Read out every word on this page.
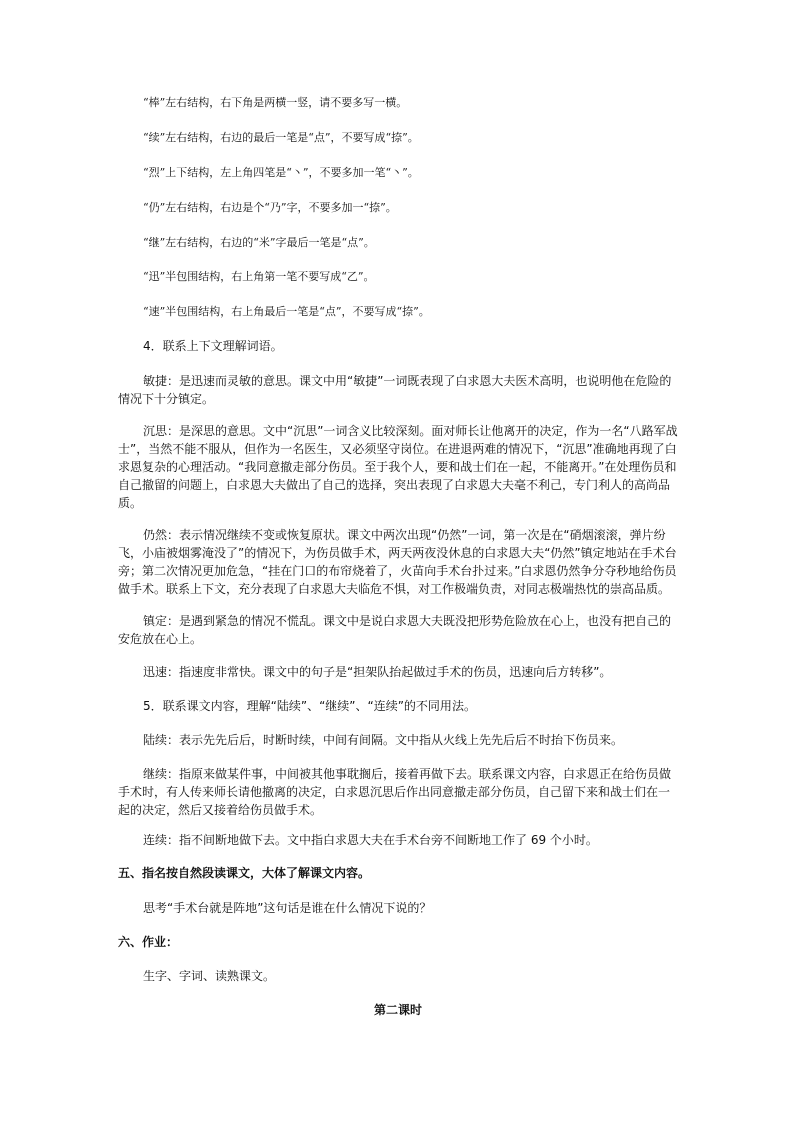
“棒”左右结构，右下角是两横一竖，请不要多写一横。
“续”左右结构，右边的最后一笔是“点”，不要写成“捺”。
“烈”上下结构，左上角四笔是“丶”，不要多加一笔“丶”。
“仍”左右结构，右边是个“乃”字，不要多加一“捺”。
“继”左右结构，右边的“米”字最后一笔是“点”。
“迅”半包围结构，右上角第一笔不要写成“乙”。
“速”半包围结构，右上角最后一笔是“点”，不要写成“捺”。
4．联系上下文理解词语。
敏捷：是迅速而灵敏的意思。课文中用“敏捷”一词既表现了白求恩大夫医术高明，也说明他在危险的情况下十分镇定。
沉思：是深思的意思。文中“沉思”一词含义比较深刻。面对师长让他离开的决定，作为一名“八路军战士”，当然不能不服从，但作为一名医生，又必须坚守岗位。在进退两难的情况下，“沉思”准确地再现了白求恩复杂的心理活动。“我同意撤走部分伤员。至于我个人，要和战士们在一起，不能离开。”在处理伤员和自己撤留的问题上，白求恩大夫做出了自己的选择，突出表现了白求恩大夫毫不利己，专门利人的高尚品质。
仍然：表示情况继续不变或恢复原状。课文中两次出现“仍然”一词，第一次是在“硝烟滚滚，弹片纷飞，小庙被烟雾淹没了”的情况下，为伤员做手术，两天两夜没休息的白求恩大夫“仍然”镇定地站在手术台旁；第二次情况更加危急，“挂在门口的布帘烧着了，火苗向手术台扑过来。”白求恩仍然争分夺秒地给伤员做手术。联系上下文，充分表现了白求恩大夫临危不惧，对工作极端负责，对同志极端热忱的崇高品质。
镇定：是遇到紧急的情况不慌乱。课文中是说白求恩大夫既没把形势危险放在心上，也没有把自己的安危放在心上。
迅速：指速度非常快。课文中的句子是“担架队抬起做过手术的伤员，迅速向后方转移”。
5．联系课文内容，理解“陆续”、“继续”、“连续”的不同用法。
陆续：表示先先后后，时断时续，中间有间隔。文中指从火线上先先后后不时抬下伤员来。
继续：指原来做某件事，中间被其他事耽搁后，接着再做下去。联系课文内容，白求恩正在给伤员做手术时，有人传来师长请他撤离的决定，白求恩沉思后作出同意撤走部分伤员，自己留下来和战士们在一起的决定，然后又接着给伤员做手术。
连续：指不间断地做下去。文中指白求恩大夫在手术台旁不间断地工作了 69 个小时。
五、指名按自然段读课文，大体了解课文内容。
思考“手术台就是阵地”这句话是谁在什么情况下说的？
六、作业：
生字、字词、读熟课文。
第二课时
